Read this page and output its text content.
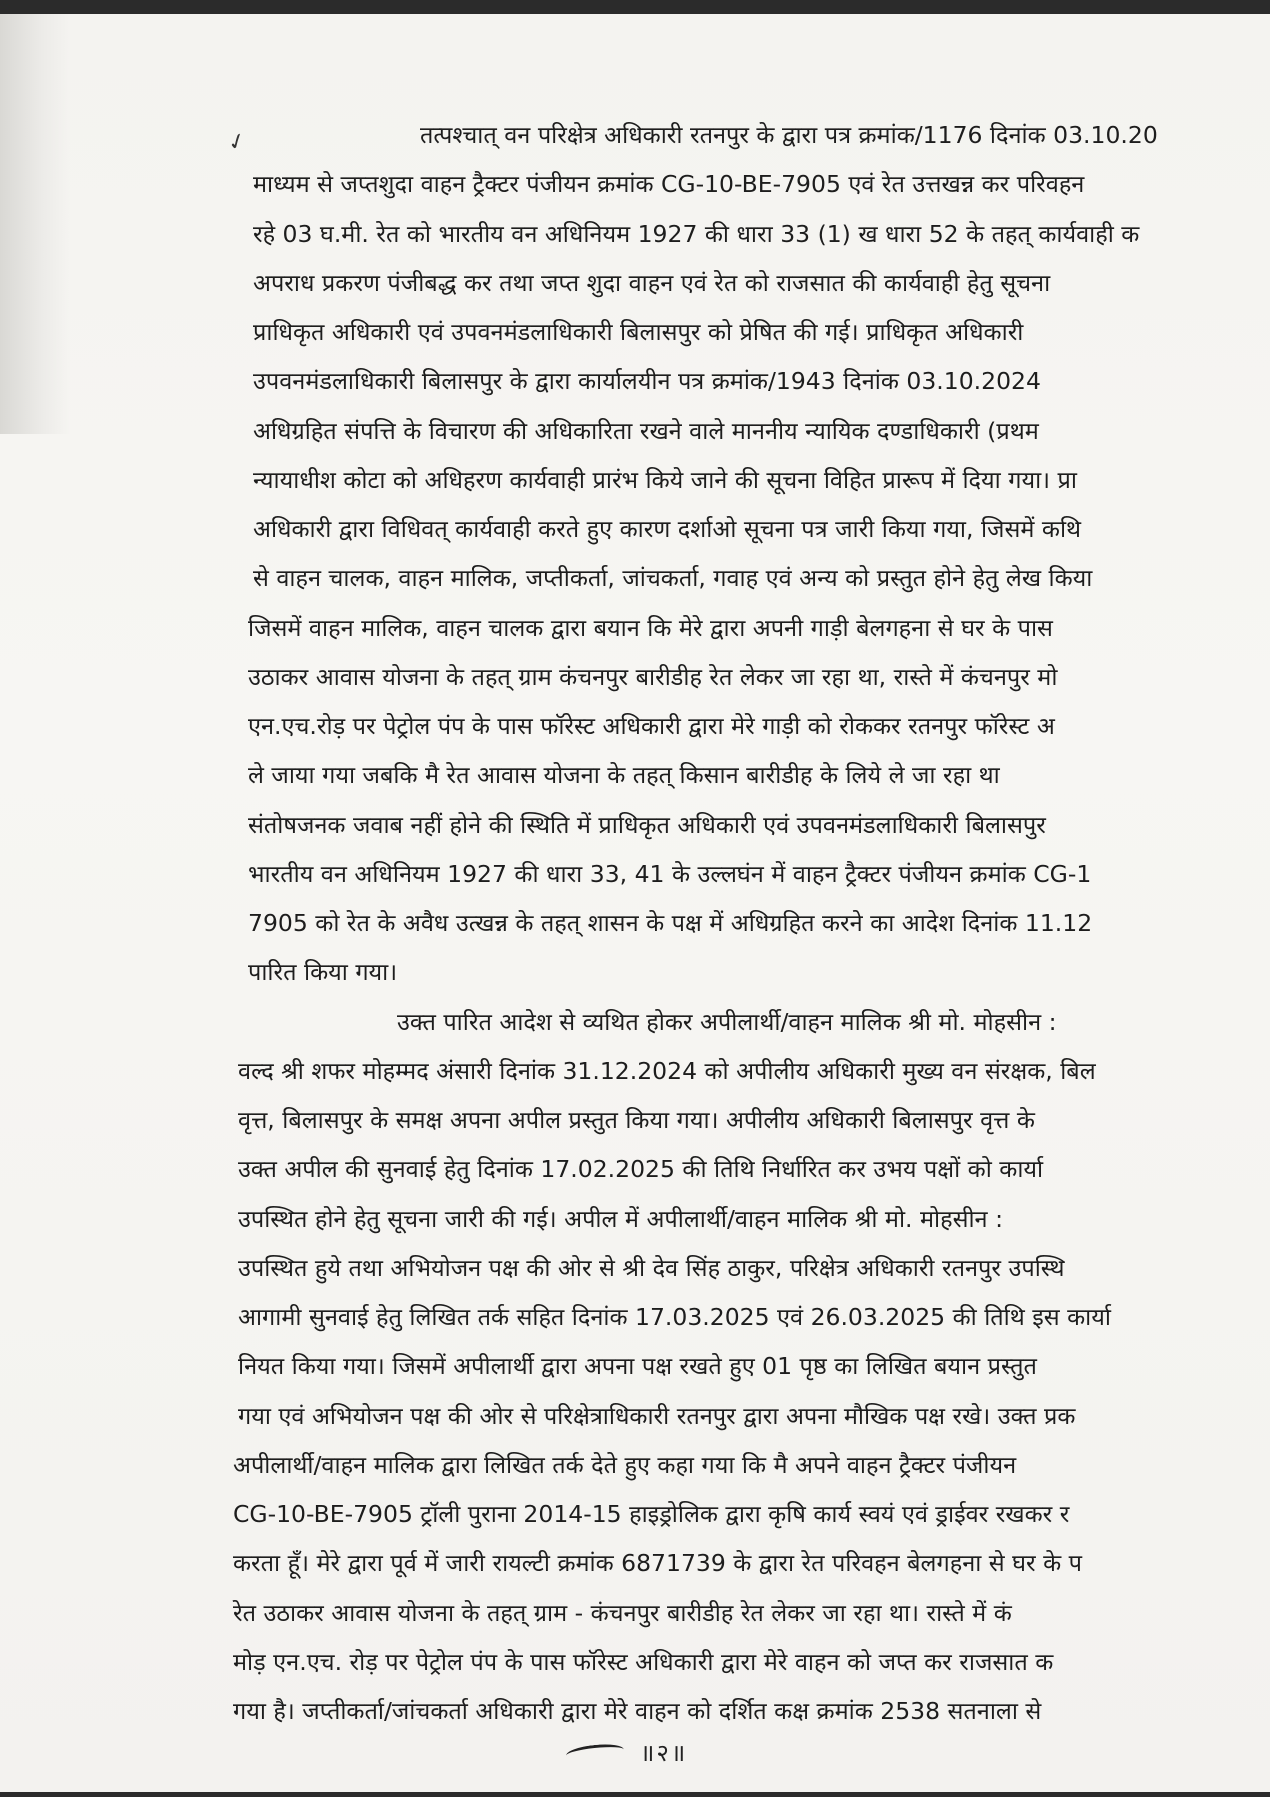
✓	तत्पश्चात् वन परिक्षेत्र अधिकारी रतनपुर के द्वारा पत्र क्रमांक/1176 दिनांक 03.10.20
माध्यम से जप्तशुदा वाहन ट्रैक्टर पंजीयन क्रमांक CG-10-BE-7905 एवं रेत उत्तखन्न कर परिवहन
रहे 03 घ.मी. रेत को भारतीय वन अधिनियम 1927 की धारा 33 (1) ख धारा 52 के तहत् कार्यवाही क
अपराध प्रकरण पंजीबद्ध कर तथा जप्त शुदा वाहन एवं रेत को राजसात की कार्यवाही हेतु सूचना
प्राधिकृत अधिकारी एवं उपवनमंडलाधिकारी बिलासपुर को प्रेषित की गई। प्राधिकृत अधिकारी
उपवनमंडलाधिकारी बिलासपुर के द्वारा कार्यालयीन पत्र क्रमांक/1943 दिनांक 03.10.2024
अधिग्रहित संपत्ति के विचारण की अधिकारिता रखने वाले माननीय न्यायिक दण्डाधिकारी (प्रथम
न्यायाधीश कोटा को अधिहरण कार्यवाही प्रारंभ किये जाने की सूचना विहित प्रारूप में दिया गया। प्रा
अधिकारी द्वारा विधिवत् कार्यवाही करते हुए कारण दर्शाओ सूचना पत्र जारी किया गया, जिसमें कथि
से वाहन चालक, वाहन मालिक, जप्तीकर्ता, जांचकर्ता, गवाह एवं अन्य को प्रस्तुत होने हेतु लेख किया
जिसमें वाहन मालिक, वाहन चालक द्वारा बयान कि मेरे द्वारा अपनी गाड़ी बेलगहना से घर के पास
उठाकर आवास योजना के तहत् ग्राम कंचनपुर बारीडीह रेत लेकर जा रहा था, रास्ते में कंचनपुर मो
एन.एच.रोड़ पर पेट्रोल पंप के पास फॉरेस्ट अधिकारी द्वारा मेरे गाड़ी को रोककर रतनपुर फॉरेस्ट अ
ले जाया गया जबकि मै रेत आवास योजना के तहत् किसान बारीडीह के लिये ले जा रहा था
संतोषजनक जवाब नहीं होने की स्थिति में प्राधिकृत अधिकारी एवं उपवनमंडलाधिकारी बिलासपुर
भारतीय वन अधिनियम 1927 की धारा 33, 41 के उल्लघंन में वाहन ट्रैक्टर पंजीयन क्रमांक CG-1
7905 को रेत के अवैध उत्खन्न के तहत् शासन के पक्ष में अधिग्रहित करने का आदेश दिनांक 11.12
पारित किया गया।
उक्त पारित आदेश से व्यथित होकर अपीलार्थी/वाहन मालिक श्री मो. मोहसीन :
वल्द श्री शफर मोहम्मद अंसारी दिनांक 31.12.2024 को अपीलीय अधिकारी मुख्य वन संरक्षक, बिल
वृत्त, बिलासपुर के समक्ष अपना अपील प्रस्तुत किया गया। अपीलीय अधिकारी बिलासपुर वृत्त के
उक्त अपील की सुनवाई हेतु दिनांक 17.02.2025 की तिथि निर्धारित कर उभय पक्षों को कार्या
उपस्थित होने हेतु सूचना जारी की गई। अपील में अपीलार्थी/वाहन मालिक श्री मो. मोहसीन :
उपस्थित हुये तथा अभियोजन पक्ष की ओर से श्री देव सिंह ठाकुर, परिक्षेत्र अधिकारी रतनपुर उपस्थि
आगामी सुनवाई हेतु लिखित तर्क सहित दिनांक 17.03.2025 एवं 26.03.2025 की तिथि इस कार्या
नियत किया गया। जिसमें अपीलार्थी द्वारा अपना पक्ष रखते हुए 01 पृष्ठ का लिखित बयान प्रस्तुत
गया एवं अभियोजन पक्ष की ओर से परिक्षेत्राधिकारी रतनपुर द्वारा अपना मौखिक पक्ष रखे। उक्त प्रक
अपीलार्थी/वाहन मालिक द्वारा लिखित तर्क देते हुए कहा गया कि मै अपने वाहन ट्रैक्टर पंजीयन
CG-10-BE-7905 ट्रॉली पुराना 2014-15 हाइड्रोलिक द्वारा कृषि कार्य स्वयं एवं ड्राईवर रखकर र
करता हूँ। मेरे द्वारा पूर्व में जारी रायल्टी क्रमांक 6871739 के द्वारा रेत परिवहन बेलगहना से घर के प
रेत उठाकर आवास योजना के तहत् ग्राम - कंचनपुर बारीडीह रेत लेकर जा रहा था। रास्ते में कं
मोड़ एन.एच. रोड़ पर पेट्रोल पंप के पास फॉरेस्ट अधिकारी द्वारा मेरे वाहन को जप्त कर राजसात क
गया है। जप्तीकर्ता/जांचकर्ता अधिकारी द्वारा मेरे वाहन को दर्शित कक्ष क्रमांक 2538 सतनाला से
॥२॥
